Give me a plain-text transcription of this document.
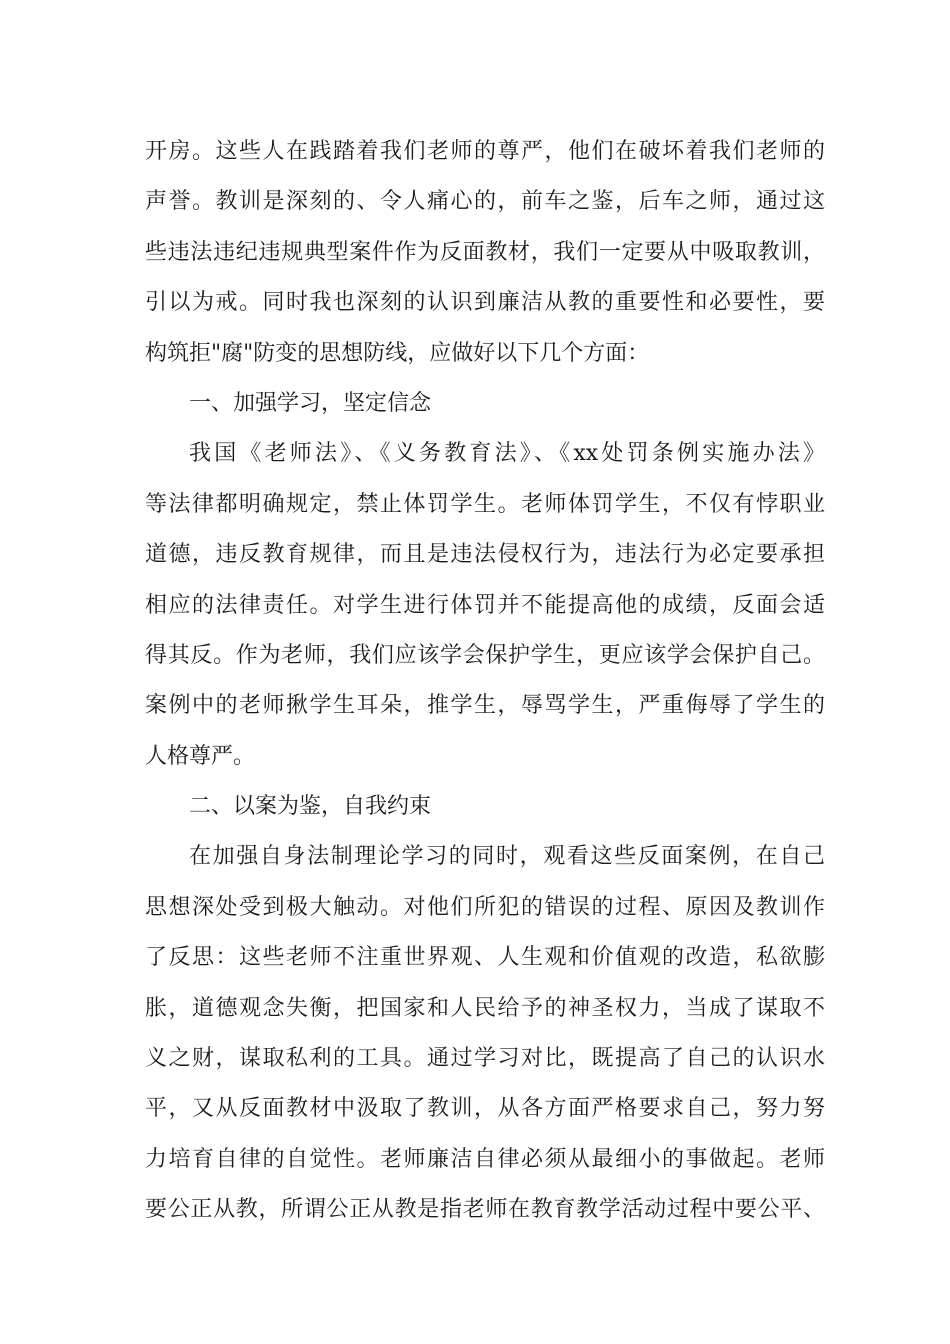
开房。这些人在践踏着我们老师的尊严，他们在破坏着我们老师的
声誉。教训是深刻的、令人痛心的，前车之鉴，后车之师，通过这
些违法违纪违规典型案件作为反面教材，我们一定要从中吸取教训，
引以为戒。同时我也深刻的认识到廉洁从教的重要性和必要性，要
构筑拒"腐"防变的思想防线，应做好以下几个方面：
一、加强学习，坚定信念
我国《老师法》、《义务教育法》、《xx处罚条例实施办法》
等法律都明确规定，禁止体罚学生。老师体罚学生，不仅有悖职业
道德，违反教育规律，而且是违法侵权行为，违法行为必定要承担
相应的法律责任。对学生进行体罚并不能提高他的成绩，反面会适
得其反。作为老师，我们应该学会保护学生，更应该学会保护自己。
案例中的老师揪学生耳朵，推学生，辱骂学生，严重侮辱了学生的
人格尊严。
二、以案为鉴，自我约束
在加强自身法制理论学习的同时，观看这些反面案例，在自己
思想深处受到极大触动。对他们所犯的错误的过程、原因及教训作
了反思：这些老师不注重世界观、人生观和价值观的改造，私欲膨
胀，道德观念失衡，把国家和人民给予的神圣权力，当成了谋取不
义之财，谋取私利的工具。通过学习对比，既提高了自己的认识水
平，又从反面教材中汲取了教训，从各方面严格要求自己，努力努
力培育自律的自觉性。老师廉洁自律必须从最细小的事做起。老师
要公正从教，所谓公正从教是指老师在教育教学活动过程中要公平、
